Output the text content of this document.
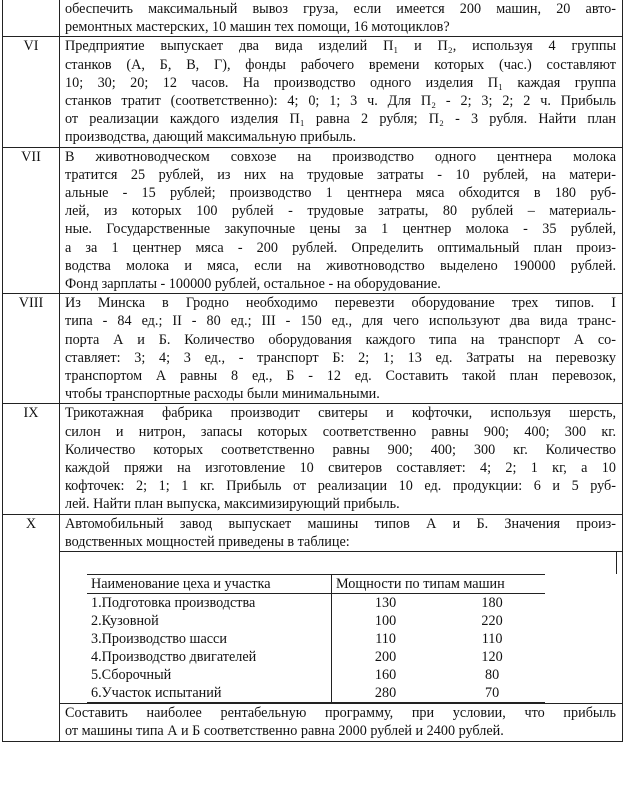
обеспечить максимальный вывоз груза, если имеется 200 машин, 20 авто-
ремонтных мастерских, 10 машин тех помощи, 16 мотоциклов?
VI	Предприятие выпускает два вида изделий П₁ и П₂, используя 4 группы
станков (А, Б, В, Г), фонды рабочего времени которых (час.) составляют
10; 30; 20; 12 часов. На производство одного изделия П₁ каждая группа
станков тратит (соответственно): 4; 0; 1; 3 ч. Для П₂ - 2; 3; 2; 2 ч. Прибыль
от реализации каждого изделия П₁ равна 2 рубля; П₂ - 3 рубля. Найти план
производства, дающий максимальную прибыль.
VII	В животноводческом совхозе на производство одного центнера молока
тратится 25 рублей, из них на трудовые затраты - 10 рублей, на матери-
альные - 15 рублей; производство 1 центнера мяса обходится в 180 руб-
лей, из которых 100 рублей - трудовые затраты, 80 рублей – материаль-
ные. Государственные закупочные цены за 1 центнер молока - 35 рублей,
а за 1 центнер мяса - 200 рублей. Определить оптимальный план произ-
водства молока и мяса, если на животноводство выделено 190000 рублей.
Фонд зарплаты - 100000 рублей, остальное - на оборудование.
VIII	Из Минска в Гродно необходимо перевезти оборудование трех типов. I
типа - 84 ед.; II - 80 ед.; III - 150 ед., для чего используют два вида транс-
порта А и Б. Количество оборудования каждого типа на транспорт А со-
ставляет: 3; 4; 3 ед., - транспорт Б: 2; 1; 13 ед. Затраты на перевозку
транспортом А равны 8 ед., Б - 12 ед. Составить такой план перевозок,
чтобы транспортные расходы были минимальными.
IX	Трикотажная фабрика производит свитеры и кофточки, используя шерсть,
силон и нитрон, запасы которых соответственно равны 900; 400; 300 кг.
Количество которых соответственно равны 900; 400; 300 кг. Количество
каждой пряжи на изготовление 10 свитеров составляет: 4; 2; 1 кг, а 10
кофточек: 2; 1; 1 кг. Прибыль от реализации 10 ед. продукции: 6 и 5 руб-
лей. Найти план выпуска, максимизирующий прибыль.
X	Автомобильный завод выпускает машины типов А и Б. Значения произ-
водственных мощностей приведены в таблице:
Наименование цеха и участка	Мощности по типам машин	
1.Подготовка производства	130	180
2.Кузовной	100	220
3.Производство шасси	110	110
4.Производство двигателей	200	120
5.Сборочный	160	80
6.Участок испытаний	280	70
Составить наиболее рентабельную программу, при условии, что прибыль
от машины типа А и Б соответственно равна 2000 рублей и 2400 рублей.
